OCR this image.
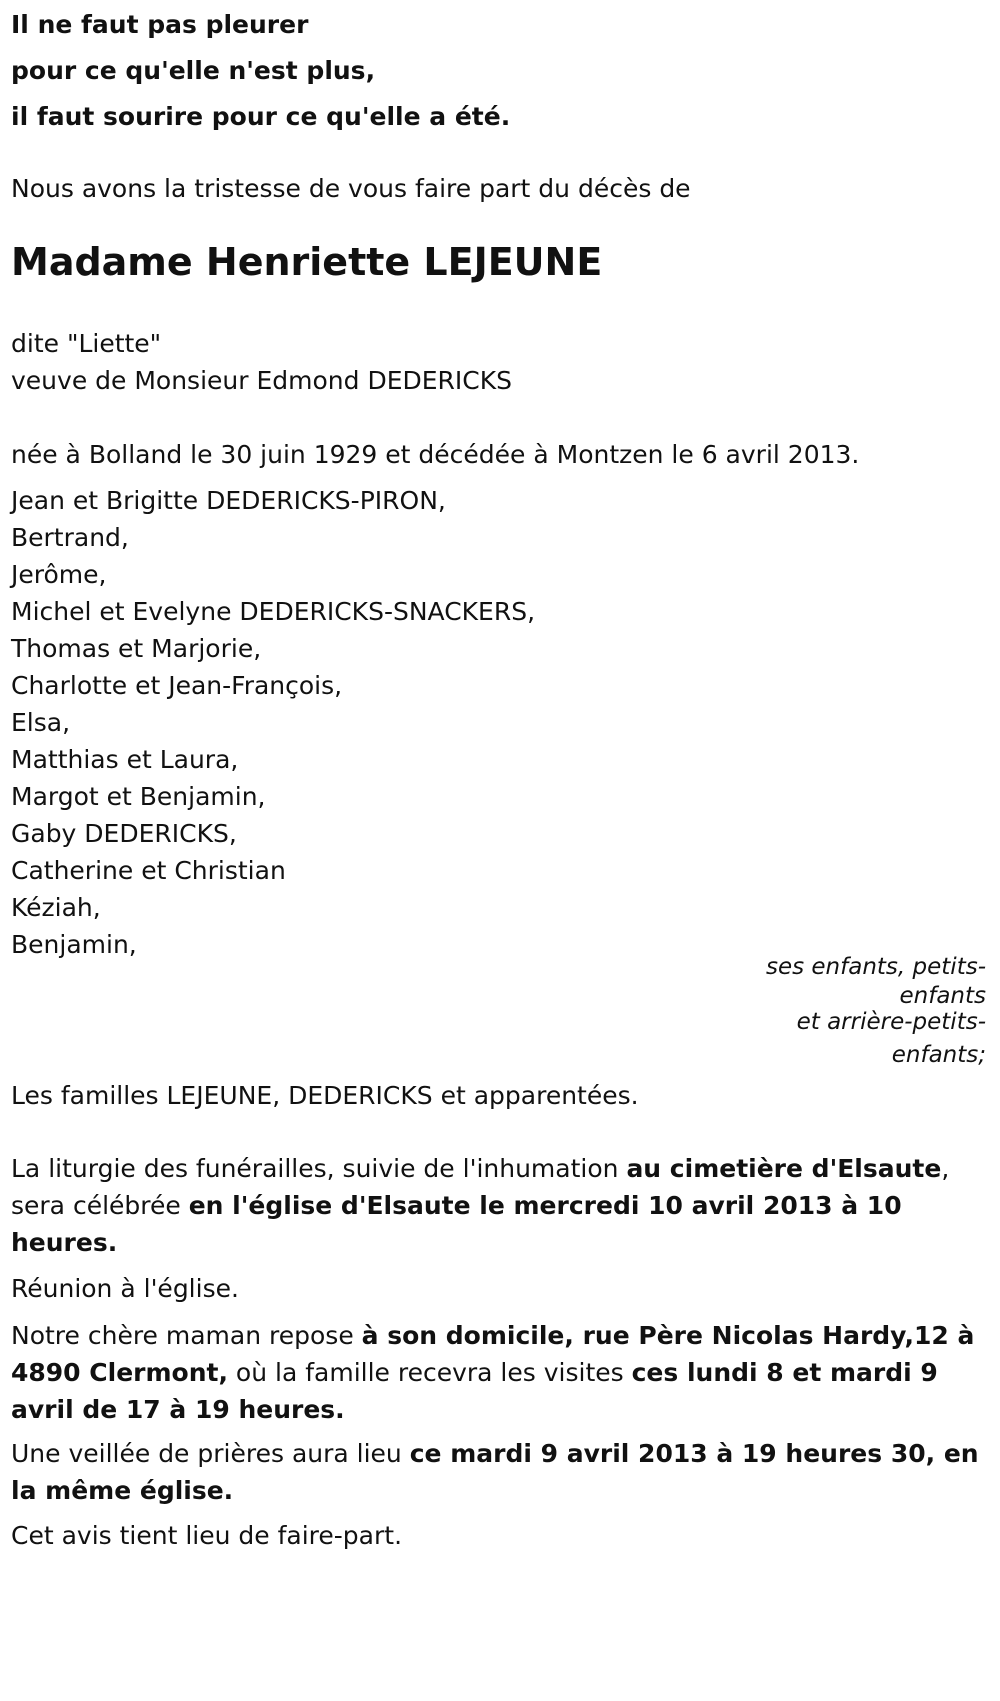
Il ne faut pas pleurer
pour ce qu'elle n'est plus,
il faut sourire pour ce qu'elle a été.
Nous avons la tristesse de vous faire part du décès de
Madame Henriette LEJEUNE
dite "Liette"
veuve de Monsieur Edmond DEDERICKS
née à Bolland le 30 juin 1929 et décédée à Montzen le 6 avril 2013.
Jean et Brigitte DEDERICKS-PIRON,
Bertrand,
Jerôme,
Michel et Evelyne DEDERICKS-SNACKERS,
Thomas et Marjorie,
Charlotte et Jean-François,
Elsa,
Matthias et Laura,
Margot et Benjamin,
Gaby DEDERICKS,
Catherine et Christian
Kéziah,
Benjamin,
ses enfants, petits-
enfants
et arrière-petits-
enfants;
Les familles LEJEUNE, DEDERICKS et apparentées.
La liturgie des funérailles, suivie de l'inhumation au cimetière d'Elsaute,
sera célébrée en l'église d'Elsaute le mercredi 10 avril 2013 à 10 heures.
Réunion à l'église.
Notre chère maman repose à son domicile, rue Père Nicolas Hardy,12 à 4890 Clermont, où la famille recevra les visites ces lundi 8 et mardi 9 avril de 17 à 19 heures.
Une veillée de prières aura lieu ce mardi 9 avril 2013 à 19 heures 30, en la même église.
Cet avis tient lieu de faire-part.
